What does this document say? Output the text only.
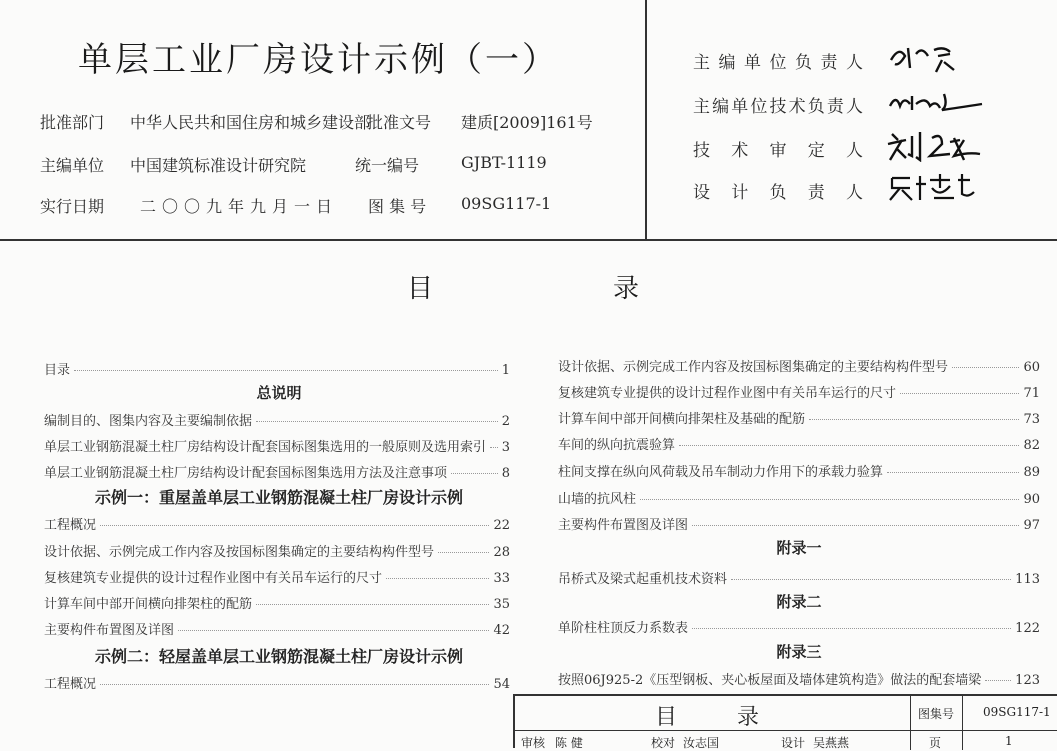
单层工业厂房设计示例（一）
批准部门 中华人民共和国住房和城乡建设部
批准文号 建质[2009]161号
主编单位 中国建筑标准设计研究院	统一编号	GJBT-1119
实行日期 二〇〇九年九月一日 图 集 号 09SG117-1
主 编 单 位 负 责 人
主 编 单 位 技 术 负 责 人
技 术 审 定 人
设 计 负 责 人
目	录
目录	1
总说明
编制目的、图集内容及主要编制依据	2
单层工业钢筋混凝土柱厂房结构设计配套国标图集选用的一般原则及选用索引 3
单层工业钢筋混凝土柱厂房结构设计配套国标图集选用方法及注意事项	8
示例一：重屋盖单层工业钢筋混凝土柱厂房设计示例
工程概况	22
设计依据、示例完成工作内容及按国标图集确定的主要结构构件型号	28
复核建筑专业提供的设计过程作业图中有关吊车运行的尺寸	33
计算车间中部开间横向排架柱的配筋	35
主要构件布置图及详图	42
示例二：轻屋盖单层工业钢筋混凝土柱厂房设计示例
工程概况	54
设计依据、示例完成工作内容及按国标图集确定的主要结构构件型号	60
复核建筑专业提供的设计过程作业图中有关吊车运行的尺寸	71
计算车间中部开间横向排架柱及基础的配筋	73
车间的纵向抗震验算	82
柱间支撑在纵向风荷载及吊车制动力作用下的承载力验算	89
山墙的抗风柱	90
主要构件布置图及详图	97
附录一
吊桥式及梁式起重机技术资料	113
附录二
单阶柱柱顶反力系数表	122
附录三
按照06J925-2《压型钢板、夹心板屋面及墙体建筑构造》做法的配套墙梁	123
目录	图集号 09SG117-1
审核 陈 健	校对 汝志国	设计 吴燕燕	页	1
